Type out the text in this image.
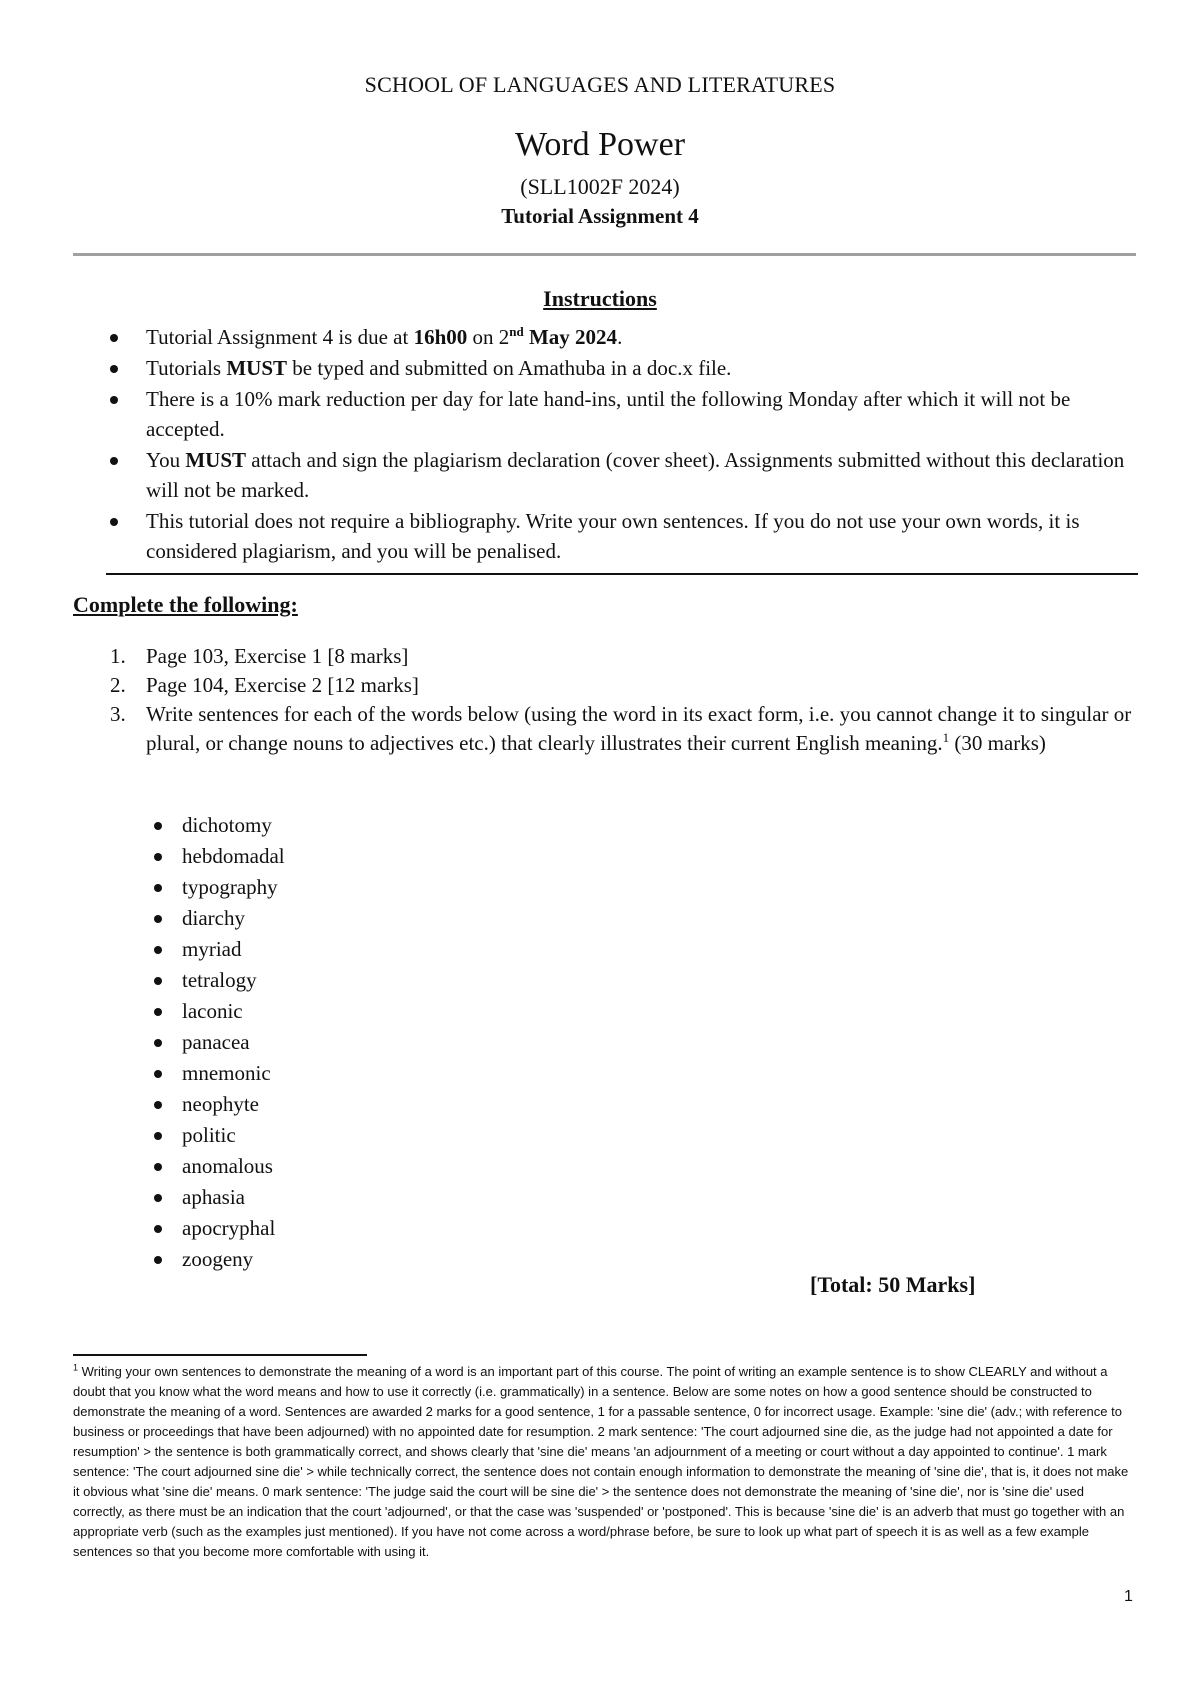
SCHOOL OF LANGUAGES AND LITERATURES
Word Power
(SLL1002F 2024)
Tutorial Assignment 4
Instructions
Tutorial Assignment 4 is due at 16h00 on 2nd May 2024.
Tutorials MUST be typed and submitted on Amathuba in a doc.x file.
There is a 10% mark reduction per day for late hand-ins, until the following Monday after which it will not be accepted.
You MUST attach and sign the plagiarism declaration (cover sheet). Assignments submitted without this declaration will not be marked.
This tutorial does not require a bibliography. Write your own sentences. If you do not use your own words, it is considered plagiarism, and you will be penalised.
Complete the following:
1. Page 103, Exercise 1 [8 marks]
2. Page 104, Exercise 2 [12 marks]
3. Write sentences for each of the words below (using the word in its exact form, i.e. you cannot change it to singular or plural, or change nouns to adjectives etc.) that clearly illustrates their current English meaning.$^1$ (30 marks)
dichotomy
hebdomadal
typography
diarchy
myriad
tetralogy
laconic
panacea
mnemonic
neophyte
politic
anomalous
aphasia
apocryphal
zoogeny
[Total: 50 Marks]
$^1$ Writing your own sentences to demonstrate the meaning of a word is an important part of this course. The point of writing an example sentence is to show CLEARLY and without a doubt that you know what the word means and how to use it correctly (i.e. grammatically) in a sentence. Below are some notes on how a good sentence should be constructed to demonstrate the meaning of a word. Sentences are awarded 2 marks for a good sentence, 1 for a passable sentence, 0 for incorrect usage. Example: 'sine die' (adv.; with reference to business or proceedings that have been adjourned) with no appointed date for resumption. 2 mark sentence: 'The court adjourned sine die, as the judge had not appointed a date for resumption' > the sentence is both grammatically correct, and shows clearly that 'sine die' means 'an adjournment of a meeting or court without a day appointed to continue'. 1 mark sentence: 'The court adjourned sine die' > while technically correct, the sentence does not contain enough information to demonstrate the meaning of 'sine die', that is, it does not make it obvious what 'sine die' means. 0 mark sentence: 'The judge said the court will be sine die' > the sentence does not demonstrate the meaning of 'sine die', nor is 'sine die' used correctly, as there must be an indication that the court 'adjourned', or that the case was 'suspended' or 'postponed'. This is because 'sine die' is an adverb that must go together with an appropriate verb (such as the examples just mentioned). If you have not come across a word/phrase before, be sure to look up what part of speech it is as well as a few example sentences so that you become more comfortable with using it.
1
